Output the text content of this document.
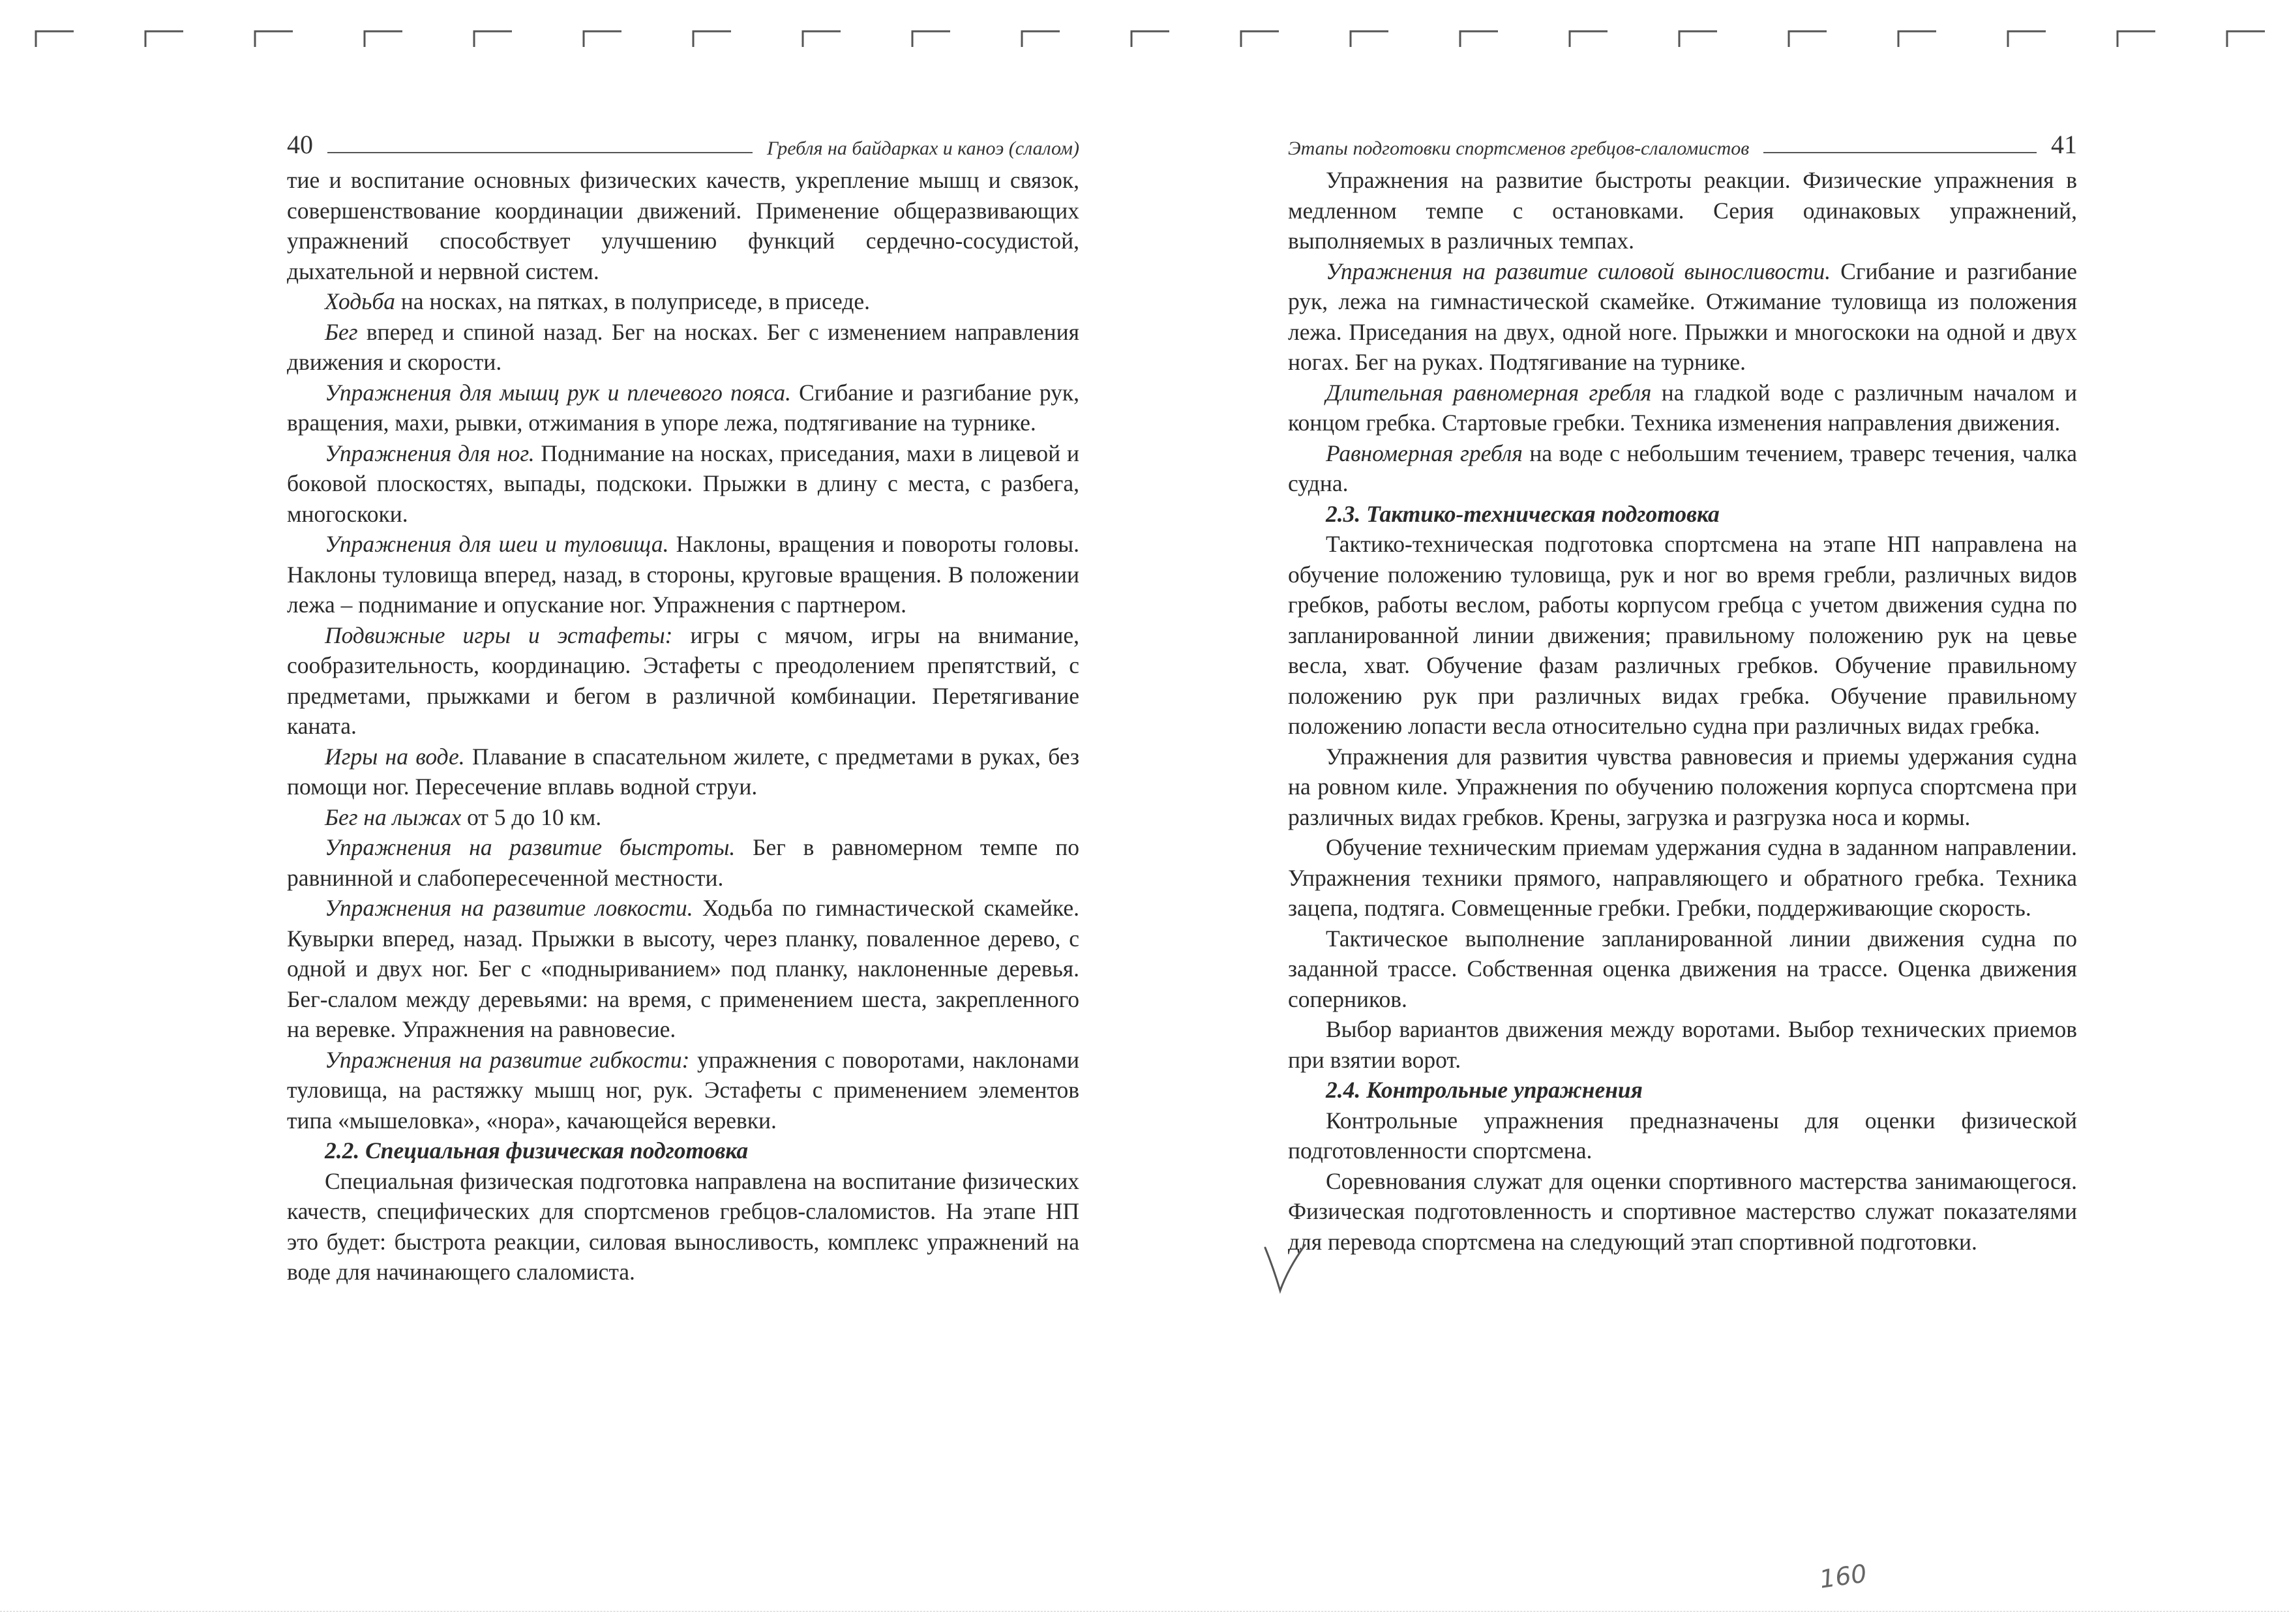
40	Гребля на байдарках и каноэ (слалом)

тие и воспитание основных физических качеств, укрепление мышц и связок, совершенствование координации движений. Применение общеразвивающих упражнений способствует улучшению функций сердечно-сосудистой, дыхательной и нервной систем.

Ходьба на носках, на пятках, в полуприседе, в приседе.

Бег вперед и спиной назад. Бег на носках. Бег с изменением направления движения и скорости.

Упражнения для мышц рук и плечевого пояса. Сгибание и разгибание рук, вращения, махи, рывки, отжимания в упоре лежа, подтягивание на турнике.

Упражнения для ног. Поднимание на носках, приседания, махи в лицевой и боковой плоскостях, выпады, подскоки. Прыжки в длину с места, с разбега, многоскоки.

Упражнения для шеи и туловища. Наклоны, вращения и повороты головы. Наклоны туловища вперед, назад, в стороны, круговые вращения. В положении лежа – поднимание и опускание ног. Упражнения с партнером.

Подвижные игры и эстафеты: игры с мячом, игры на внимание, сообразительность, координацию. Эстафеты с преодолением препятствий, с предметами, прыжками и бегом в различной комбинации. Перетягивание каната.

Игры на воде. Плавание в спасательном жилете, с предметами в руках, без помощи ног. Пересечение вплавь водной струи.

Бег на лыжах от 5 до 10 км.

Упражнения на развитие быстроты. Бег в равномерном темпе по равнинной и слабопересеченной местности.

Упражнения на развитие ловкости. Ходьба по гимнастической скамейке. Кувырки вперед, назад. Прыжки в высоту, через планку, поваленное дерево, с одной и двух ног. Бег с «подныриванием» под планку, наклоненные деревья. Бег-слалом между деревьями: на время, с применением шеста, закрепленного на веревке. Упражнения на равновесие.

Упражнения на развитие гибкости: упражнения с поворотами, наклонами туловища, на растяжку мышц ног, рук. Эстафеты с применением элементов типа «мышеловка», «нора», качающейся веревки.

2.2. Специальная физическая подготовка

Специальная физическая подготовка направлена на воспитание физических качеств, специфических для спортсменов гребцов-слаломистов. На этапе НП это будет: быстрота реакции, силовая выносливость, комплекс упражнений на воде для начинающего слаломиста.

Этапы подготовки спортсменов гребцов-слаломистов	41

Упражнения на развитие быстроты реакции. Физические упражнения в медленном темпе с остановками. Серия одинаковых упражнений, выполняемых в различных темпах.

Упражнения на развитие силовой выносливости. Сгибание и разгибание рук, лежа на гимнастической скамейке. Отжимание туловища из положения лежа. Приседания на двух, одной ноге. Прыжки и многоскоки на одной и двух ногах. Бег на руках. Подтягивание на турнике.

Длительная равномерная гребля на гладкой воде с различным началом и концом гребка. Стартовые гребки. Техника изменения направления движения.

Равномерная гребля на воде с небольшим течением, траверс течения, чалка судна.

2.3. Тактико-техническая подготовка

Тактико-техническая подготовка спортсмена на этапе НП направлена на обучение положению туловища, рук и ног во время гребли, различных видов гребков, работы веслом, работы корпусом гребца с учетом движения судна по запланированной линии движения; правильному положению рук на цевье весла, хват. Обучение фазам различных гребков. Обучение правильному положению рук при различных видах гребка. Обучение правильному положению лопасти весла относительно судна при различных видах гребка.

Упражнения для развития чувства равновесия и приемы удержания судна на ровном киле. Упражнения по обучению положения корпуса спортсмена при различных видах гребков. Крены, загрузка и разгрузка носа и кормы.

Обучение техническим приемам удержания судна в заданном направлении. Упражнения техники прямого, направляющего и обратного гребка. Техника зацепа, подтяга. Совмещенные гребки. Гребки, поддерживающие скорость.

Тактическое выполнение запланированной линии движения судна по заданной трассе. Собственная оценка движения на трассе. Оценка движения соперников.

Выбор вариантов движения между воротами. Выбор технических приемов при взятии ворот.

2.4. Контрольные упражнения

Контрольные упражнения предназначены для оценки физической подготовленности спортсмена.

Соревнования служат для оценки спортивного мастерства занимающегося. Физическая подготовленность и спортивное мастерство служат показателями для перевода спортсмена на следующий этап спортивной подготовки.

160
